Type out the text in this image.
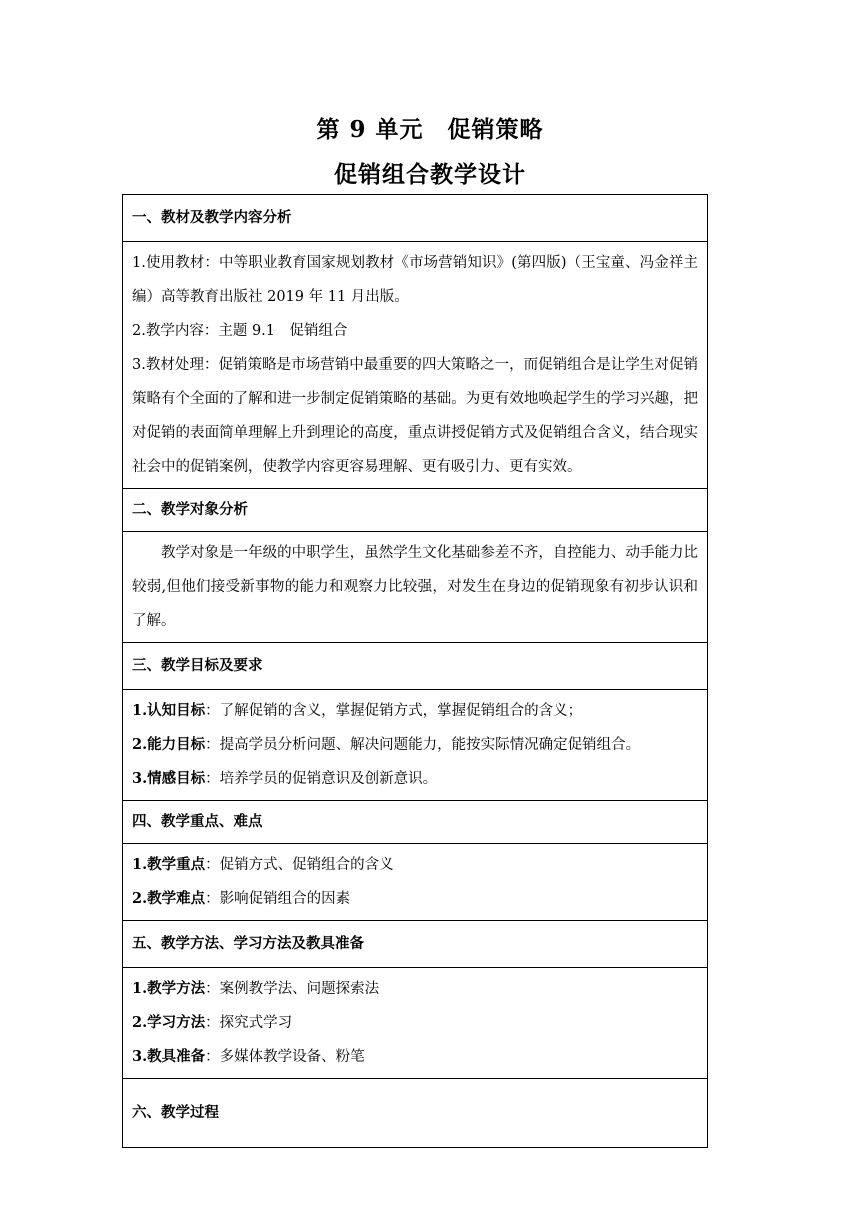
第 9 单元　促销策略
促销组合教学设计
一、教材及教学内容分析

1.使用教材：中等职业教育国家规划教材《市场营销知识》(第四版)（王宝童、冯金祥主编）高等教育出版社 2019 年 11 月出版。
2.教学内容：主题 9.1　促销组合
3.教材处理：促销策略是市场营销中最重要的四大策略之一，而促销组合是让学生对促销策略有个全面的了解和进一步制定促销策略的基础。为更有效地唤起学生的学习兴趣，把对促销的表面简单理解上升到理论的高度，重点讲授促销方式及促销组合含义，结合现实社会中的促销案例，使教学内容更容易理解、更有吸引力、更有实效。

二、教学对象分析
教学对象是一年级的中职学生，虽然学生文化基础参差不齐，自控能力、动手能力比较弱,但他们接受新事物的能力和观察力比较强，对发生在身边的促销现象有初步认识和了解。
三、教学目标及要求

1.认知目标：了解促销的含义，掌握促销方式，掌握促销组合的含义；
2.能力目标：提高学员分析问题、解决问题能力，能按实际情况确定促销组合。
3.情感目标：培养学员的促销意识及创新意识。

四、教学重点、难点

1.教学重点：促销方式、促销组合的含义
2.教学难点：影响促销组合的因素

五、教学方法、学习方法及教具准备

1.教学方法：案例教学法、问题探索法
2.学习方法：探究式学习
3.教具准备：多媒体教学设备、粉笔

六、教学过程
